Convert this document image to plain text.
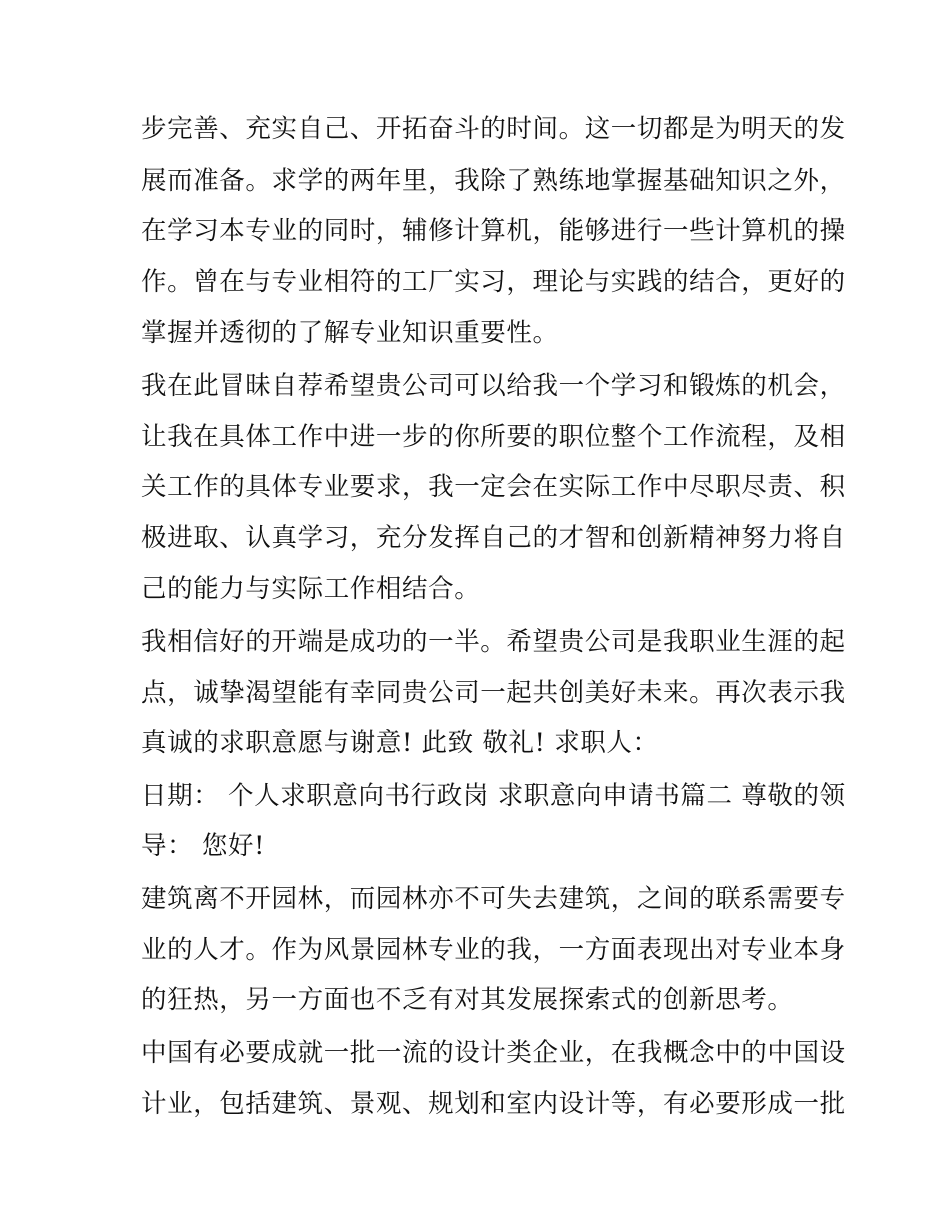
步完善、充实自己、开拓奋斗的时间。这一切都是为明天的发
展而准备。求学的两年里，我除了熟练地掌握基础知识之外，
在学习本专业的同时，辅修计算机，能够进行一些计算机的操
作。曾在与专业相符的工厂实习，理论与实践的结合，更好的
掌握并透彻的了解专业知识重要性。
我在此冒昧自荐希望贵公司可以给我一个学习和锻炼的机会，
让我在具体工作中进一步的你所要的职位整个工作流程，及相
关工作的具体专业要求，我一定会在实际工作中尽职尽责、积
极进取、认真学习，充分发挥自己的才智和创新精神努力将自
己的能力与实际工作相结合。
我相信好的开端是成功的一半。希望贵公司是我职业生涯的起
点，诚挚渴望能有幸同贵公司一起共创美好未来。再次表示我
真诚的求职意愿与谢意! 此致 敬礼! 求职人：
日期： 个人求职意向书行政岗 求职意向申请书篇二 尊敬的领
导： 您好!
建筑离不开园林，而园林亦不可失去建筑，之间的联系需要专
业的人才。作为风景园林专业的我，一方面表现出对专业本身
的狂热，另一方面也不乏有对其发展探索式的创新思考。
中国有必要成就一批一流的设计类企业，在我概念中的中国设
计业，包括建筑、景观、规划和室内设计等，有必要形成一批
